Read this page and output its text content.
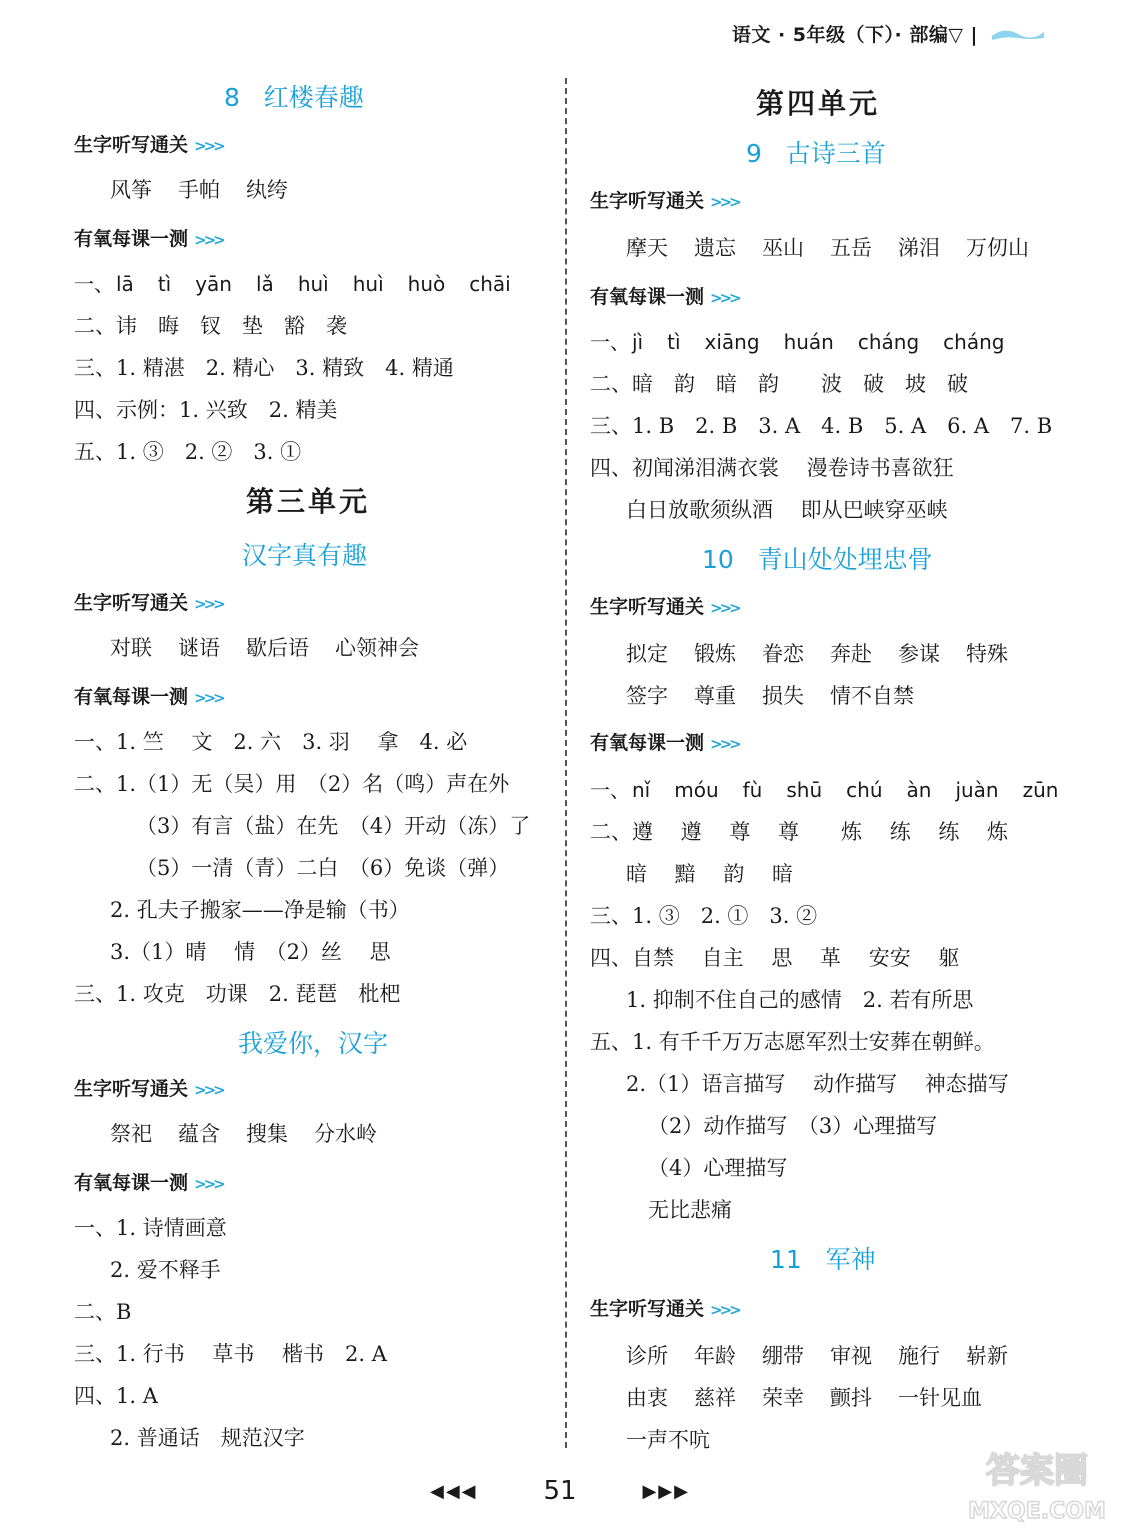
语文 · 5年级（下）· 部编▽ |
8 红楼春趣
生字听写通关 >>>
风筝 手帕 纨绔
有氧每课一测 >>>
一、 lā tì yān lǎ huì huì huò chāi
二、讳　晦　钗　垫　豁　袭
三、1. 精湛　2. 精心　3. 精致　4. 精通
四、示例：1. 兴致　2. 精美
五、1. ③　2. ②　3. ①
第三单元
汉字真有趣
生字听写通关 >>>
对联 谜语 歇后语 心领神会
有氧每课一测 >>>
一、1. 竺　 文　2. 六　3. 羽　 拿　4. 必
二、1.（1）无（吴）用　（2）名（鸣）声在外
（3）有言（盐）在先　（4）开动（冻）了
（5）一清（青）二白　（6）免谈（弹）
2. 孔夫子搬家——净是输（书）
3.（1）晴　 情　（2）丝　 思
三、1. 攻克　功课　2. 琵琶　枇杷
我爱你，汉字
生字听写通关 >>>
祭祀 蕴含 搜集 分水岭
有氧每课一测 >>>
一、1. 诗情画意
2. 爱不释手
二、B
三、1. 行书　 草书　 楷书　2. A
四、1. A
2. 普通话　规范汉字
第四单元
9 古诗三首
生字听写通关 >>>
摩天 遗忘 巫山 五岳 涕泪 万仞山
有氧每课一测 >>>
一、 jì tì xiāng huán cháng cháng
二、暗　韵　暗　韵　　波　破　坡　破
三、1. B　2. B　3. A　4. B　5. A　6. A　7. B
四、初闻涕泪满衣裳　 漫卷诗书喜欲狂
白日放歌须纵酒　 即从巴峡穿巫峡
10 青山处处埋忠骨
生字听写通关 >>>
拟定 锻炼 眷恋 奔赴 参谋 特殊
签字 尊重 损失 情不自禁
有氧每课一测 >>>
一、 nǐ móu fù shū chú àn juàn zūn
二、遵　 遵　 尊　 尊　　炼　 练　 练　 炼
暗　 黯　 韵　 暗
三、1. ③　2. ①　3. ②
四、自禁　 自主　 思　 革　 安安　 躯
1. 抑制不住自己的感情　2. 若有所思
五、1. 有千千万万志愿军烈士安葬在朝鲜。
2.（1）语言描写　 动作描写　 神态描写
（2）动作描写　（3）心理描写
（4）心理描写
无比悲痛
11 军神
生字听写通关 >>>
诊所 年龄 绷带 审视 施行 崭新
由衷 慈祥 荣幸 颤抖 一针见血
一声不吭
◀◀◀	51	▶▶▶	答案圈
MXQE.COM
